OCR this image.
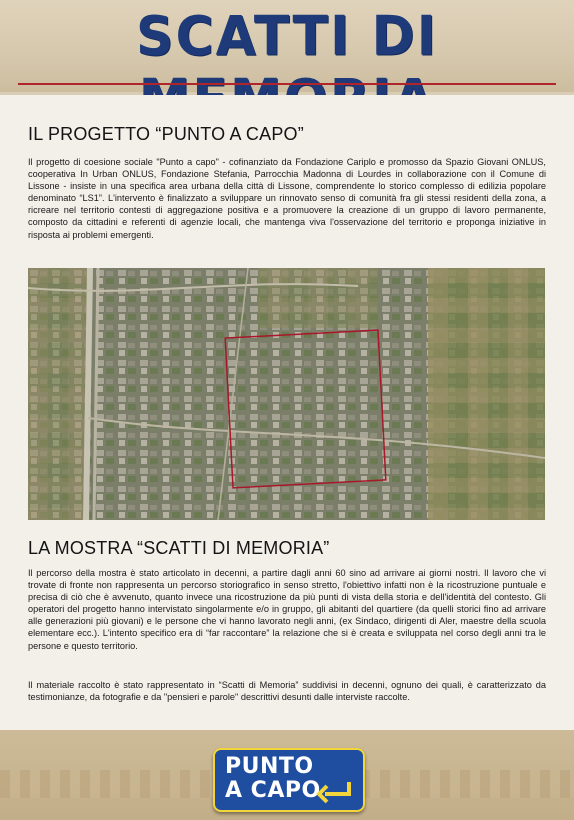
SCATTI DI
IL PROGETTO “PUNTO A CAPO”

Il progetto di coesione sociale "Punto a capo" - cofinanziato da Fondazione Cariplo e promosso da Spazio Giovani ONLUS, cooperativa In Urban ONLUS, Fondazione Stefania, Parrocchia Madonna di Lourdes in collaborazione con il Comune di Lissone - insiste in una specifica area urbana della città di Lissone, comprendente lo storico complesso di edilizia popolare denominato “LS1”. L'intervento è finalizzato a sviluppare un rinnovato senso di comunità fra gli stessi residenti della zona, a ricreare nel territorio contesti di aggregazione positiva e a promuovere la creazione di un gruppo di lavoro permanente, composto da cittadini e referenti di agenzie locali, che mantenga viva l'osservazione del territorio e proponga iniziative in risposta ai problemi emergenti.

LA MOSTRA “SCATTI DI MEMORIA”

Il percorso della mostra è stato articolato in decenni, a partire dagli anni 60 sino ad arrivare ai giorni nostri. Il lavoro che vi trovate di fronte non rappresenta un percorso storiografico in senso stretto, l'obiettivo infatti non è la ricostruzione puntuale e precisa di ciò che è avvenuto, quanto invece una ricostruzione da più punti di vista della storia e dell'identità del contesto. Gli operatori del progetto hanno intervistato singolarmente e/o in gruppo, gli abitanti del quartiere (da quelli storici fino ad arrivare alle generazioni più giovani) e le persone che vi hanno lavorato negli anni, (ex Sindaco, dirigenti di Aler, maestre della scuola elementare ecc.). L'intento specifico era di “far raccontare” la relazione che si è creata e sviluppata nel corso degli anni tra le persone e questo territorio.

Il materiale raccolto è stato rappresentato in “Scatti di Memoria” suddivisi in decenni, ognuno dei quali, è caratterizzato da testimonianze, da fotografie e da "pensieri e parole" descrittivi desunti dalle interviste raccolte.

PUNTO
A CAPO
